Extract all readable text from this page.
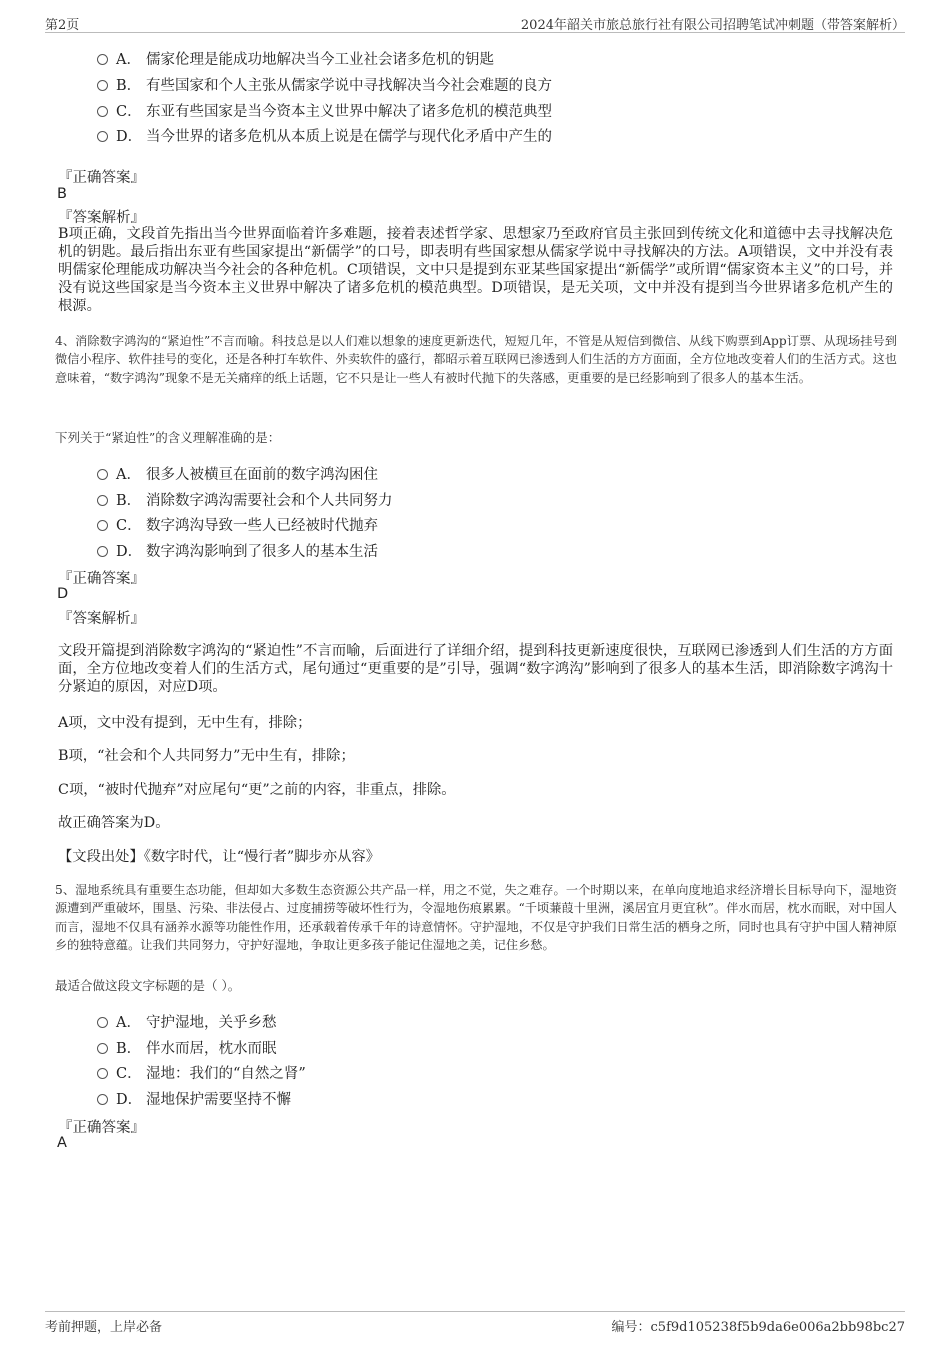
第2页	2024年韶关市旅总旅行社有限公司招聘笔试冲刺题（带答案解析）
A． 儒家伦理是能成功地解决当今工业社会诸多危机的钥匙
B． 有些国家和个人主张从儒家学说中寻找解决当今社会难题的良方
C． 东亚有些国家是当今资本主义世界中解决了诸多危机的模范典型
D． 当今世界的诸多危机从本质上说是在儒学与现代化矛盾中产生的
『正确答案』
B
『答案解析』
B项正确，文段首先指出当今世界面临着许多难题，接着表述哲学家、思想家乃至政府官员主张回到传统文化和道德中去寻找解决危机的钥匙。最后指出东亚有些国家提出“新儒学”的口号，即表明有些国家想从儒家学说中寻找解决的方法。A项错误，文中并没有表明儒家伦理能成功解决当今社会的各种危机。C项错误，文中只是提到东亚某些国家提出“新儒学”或所谓“儒家资本主义”的口号，并没有说这些国家是当今资本主义世界中解决了诸多危机的模范典型。D项错误，是无关项，文中并没有提到当今世界诸多危机产生的根源。
4、消除数字鸿沟的“紧迫性”不言而喻。科技总是以人们难以想象的速度更新迭代，短短几年，不管是从短信到微信、从线下购票到App订票、从现场挂号到微信小程序、软件挂号的变化，还是各种打车软件、外卖软件的盛行，都昭示着互联网已渗透到人们生活的方方面面，全方位地改变着人们的生活方式。这也意味着，“数字鸿沟”现象不是无关痛痒的纸上话题，它不只是让一些人有被时代抛下的失落感，更重要的是已经影响到了很多人的基本生活。
下列关于“紧迫性”的含义理解准确的是：
A． 很多人被横亘在面前的数字鸿沟困住
B． 消除数字鸿沟需要社会和个人共同努力
C． 数字鸿沟导致一些人已经被时代抛弃
D． 数字鸿沟影响到了很多人的基本生活
『正确答案』
D
『答案解析』
文段开篇提到消除数字鸿沟的“紧迫性”不言而喻，后面进行了详细介绍，提到科技更新速度很快，互联网已渗透到人们生活的方方面面，全方位地改变着人们的生活方式，尾句通过“更重要的是”引导，强调“数字鸿沟”影响到了很多人的基本生活，即消除数字鸿沟十分紧迫的原因，对应D项。
A项，文中没有提到，无中生有，排除；
B项，“社会和个人共同努力”无中生有，排除；
C项，“被时代抛弃”对应尾句“更”之前的内容，非重点，排除。
故正确答案为D。
【文段出处】《数字时代，让“慢行者”脚步亦从容》
5、湿地系统具有重要生态功能，但却如大多数生态资源公共产品一样，用之不觉，失之难存。一个时期以来，在单向度地追求经济增长目标导向下，湿地资源遭到严重破坏，围垦、污染、非法侵占、过度捕捞等破坏性行为，令湿地伤痕累累。“千顷蒹葭十里洲，溪居宜月更宜秋”。伴水而居，枕水而眠，对中国人而言，湿地不仅具有涵养水源等功能性作用，还承载着传承千年的诗意情怀。守护湿地，不仅是守护我们日常生活的栖身之所，同时也具有守护中国人精神原乡的独特意蕴。让我们共同努力，守护好湿地，争取让更多孩子能记住湿地之美，记住乡愁。
最适合做这段文字标题的是（ ）。
A． 守护湿地，关乎乡愁
B． 伴水而居，枕水而眠
C． 湿地：我们的“自然之肾”
D． 湿地保护需要坚持不懈
『正确答案』
A
考前押题，上岸必备	编号：c5f9d105238f5b9da6e006a2bb98bc27
